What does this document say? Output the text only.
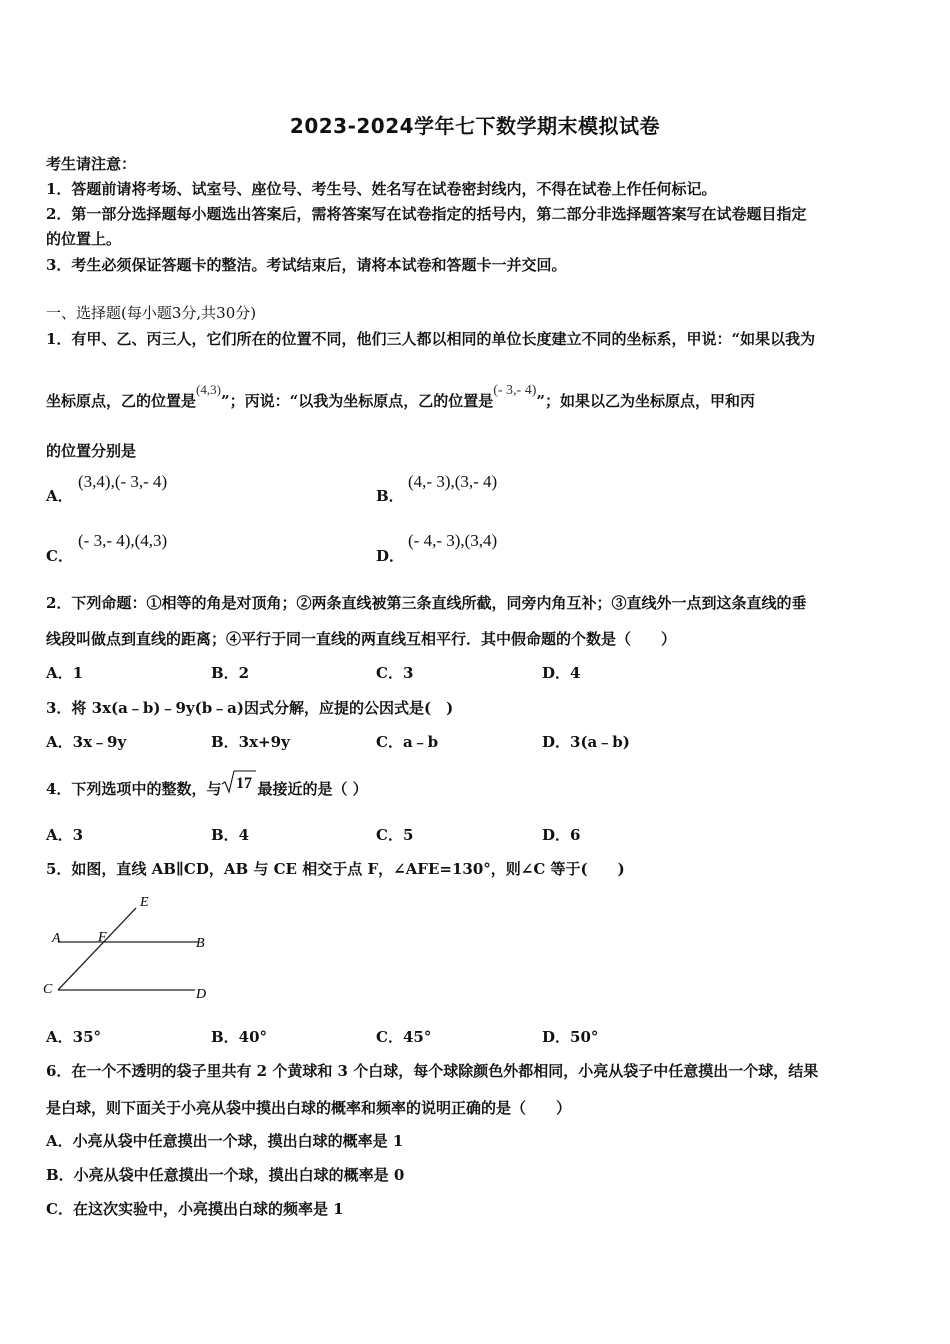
2023-2024学年七下数学期末模拟试卷
考生请注意：
1．答题前请将考场、试室号、座位号、考生号、姓名写在试卷密封线内，不得在试卷上作任何标记。
2．第一部分选择题每小题选出答案后，需将答案写在试卷指定的括号内，第二部分非选择题答案写在试卷题目指定
的位置上。
3．考生必须保证答题卡的整洁。考试结束后，请将本试卷和答题卡一并交回。
一、选择题(每小题3分,共30分)
1．有甲、乙、丙三人，它们所在的位置不同，他们三人都以相同的单位长度建立不同的坐标系，甲说：“如果以我为
坐标原点，乙的位置是(4,3)”；丙说：“以我为坐标原点，乙的位置是(- 3,- 4)”；如果以乙为坐标原点，甲和丙
的位置分别是
A．
(3,4),(- 3,- 4)
B．
(4,- 3),(3,- 4)
C．
(- 3,- 4),(4,3)
D．
(- 4,- 3),(3,4)
2．下列命题：①相等的角是对顶角；②两条直线被第三条直线所截，同旁内角互补；③直线外一点到这条直线的垂
线段叫做点到直线的距离；④平行于同一直线的两直线互相平行．其中假命题的个数是（　　）
A．1	B．2	C．3	D．4
3．将 3x(a﹣b)﹣9y(b﹣a)因式分解，应提的公因式是(　)
A．3x﹣9y	B．3x+9y	C．a﹣b	D．3(a﹣b)
4．下列选项中的整数，与 17 最接近的是（ ）
A．3	B．4	C．5	D．6
5．如图，直线 AB∥CD，AB 与 CE 相交于点 F，∠AFE=130°，则∠C 等于(　　)
E
A	F	B
C	D
A．35°	B．40°	C．45°	D．50°
6．在一个不透明的袋子里共有 2 个黄球和 3 个白球，每个球除颜色外都相同，小亮从袋子中任意摸出一个球，结果
是白球，则下面关于小亮从袋中摸出白球的概率和频率的说明正确的是（　　）
A．小亮从袋中任意摸出一个球，摸出白球的概率是 1
B．小亮从袋中任意摸出一个球，摸出白球的概率是 0
C．在这次实验中，小亮摸出白球的频率是 1
